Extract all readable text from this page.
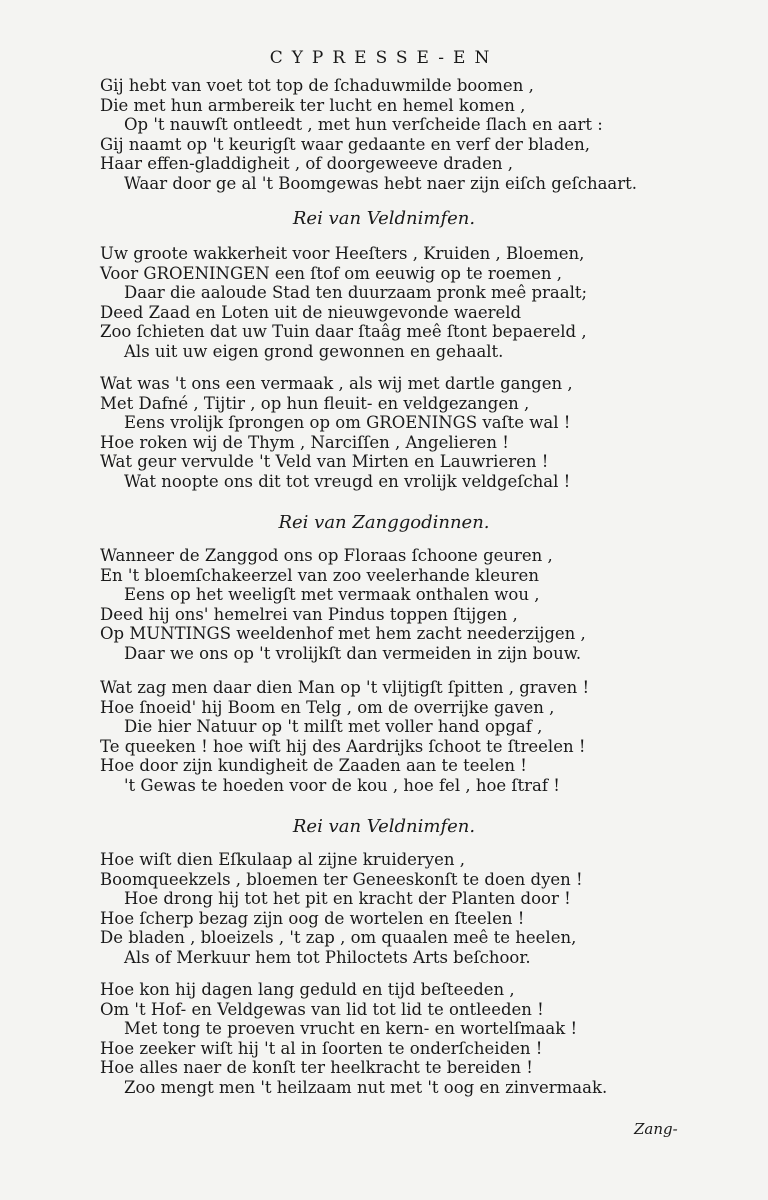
CYPRESSE-EN
Gij hebt van voet tot top de ſchaduwmilde boomen ,
Die met hun armbereik ter lucht en hemel komen ,
Op 't nauwſt ontleedt , met hun verſcheide ſlach en aart :
Gij naamt op 't keurigſt waar gedaante en verf der bladen,
Haar effen-gladdigheit , of doorgeweeve draden ,
Waar door ge al 't Boomgewas hebt naer zijn eiſch geſchaart.
Rei van Veldnimfen.
Uw groote wakkerheit voor Heeſters , Kruiden , Bloemen,
Voor GROENINGEN een ſtof om eeuwig op te roemen ,
Daar die aaloude Stad ten duurzaam pronk meê praalt;
Deed Zaad en Loten uit de nieuwgevonde waereld
Zoo ſchieten dat uw Tuin daar ſtaâg meê ſtont bepaereld ,
Als uit uw eigen grond gewonnen en gehaalt.
Wat was 't ons een vermaak , als wij met dartle gangen ,
Met Dafné , Tijtir , op hun fleuit- en veldgezangen ,
Eens vrolijk ſprongen op om GROENINGS vaſte wal !
Hoe roken wij de Thym , Narciſſen , Angelieren !
Wat geur vervulde 't Veld van Mirten en Lauwrieren !
Wat noopte ons dit tot vreugd en vrolijk veldgeſchal !
Rei van Zanggodinnen.
Wanneer de Zanggod ons op Floraas ſchoone geuren ,
En 't bloemſchakeerzel van zoo veelerhande kleuren
Eens op het weeligſt met vermaak onthalen wou ,
Deed hij ons' hemelrei van Pindus toppen ſtijgen ,
Op MUNTINGS weeldenhof met hem zacht neederzijgen ,
Daar we ons op 't vrolijkſt dan vermeiden in zijn bouw.
Wat zag men daar dien Man op 't vlijtigſt ſpitten , graven !
Hoe ſnoeid' hij Boom en Telg , om de overrijke gaven ,
Die hier Natuur op 't milſt met voller hand opgaf ,
Te queeken ! hoe wiſt hij des Aardrijks ſchoot te ſtreelen !
Hoe door zijn kundigheit de Zaaden aan te teelen !
't Gewas te hoeden voor de kou , hoe fel , hoe ſtraf !
Rei van Veldnimfen.
Hoe wiſt dien Eſkulaap al zijne kruideryen ,
Boomqueekzels , bloemen ter Geneeskonſt te doen dyen !
Hoe drong hij tot het pit en kracht der Planten door !
Hoe ſcherp bezag zijn oog de wortelen en ſteelen !
De bladen , bloeizels , 't zap , om quaalen meê te heelen,
Als of Merkuur hem tot Philoctets Arts beſchoor.
Hoe kon hij dagen lang geduld en tijd beſteeden ,
Om 't Hof- en Veldgewas van lid tot lid te ontleeden !
Met tong te proeven vrucht en kern- en wortelſmaak !
Hoe zeeker wiſt hij 't al in ſoorten te onderſcheiden !
Hoe alles naer de konſt ter heelkracht te bereiden !
Zoo mengt men 't heilzaam nut met 't oog en zinvermaak.
Zang-
